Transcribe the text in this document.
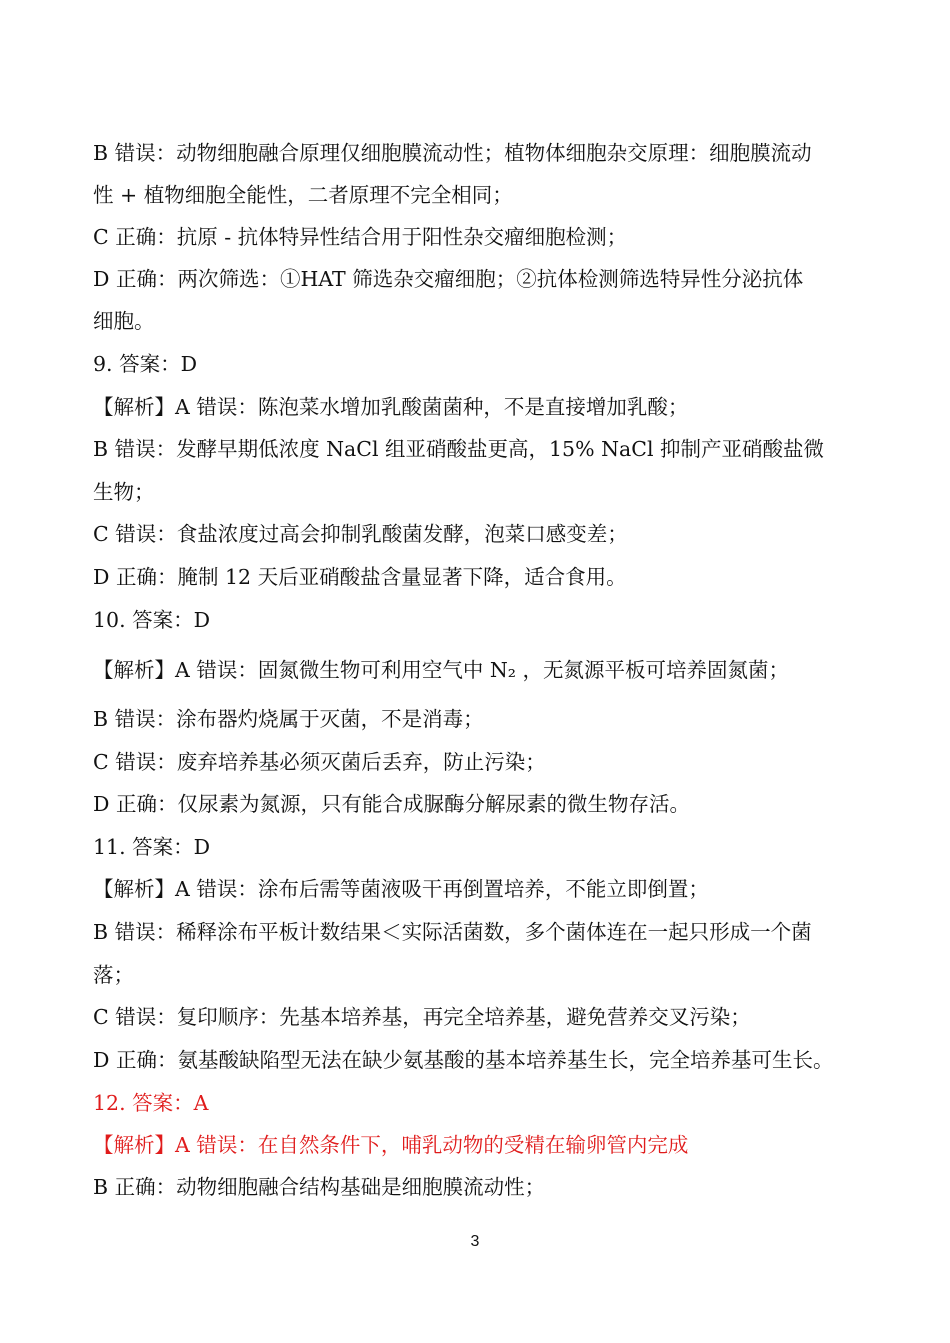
B 错误：动物细胞融合原理仅细胞膜流动性；植物体细胞杂交原理：细胞膜流动
性 + 植物细胞全能性，二者原理不完全相同；
C 正确：抗原 - 抗体特异性结合用于阳性杂交瘤细胞检测；
D 正确：两次筛选：①HAT 筛选杂交瘤细胞；②抗体检测筛选特异性分泌抗体
细胞。
9. 答案：D
【解析】A 错误：陈泡菜水增加乳酸菌菌种，不是直接增加乳酸；
B 错误：发酵早期低浓度 NaCl 组亚硝酸盐更高，15% NaCl 抑制产亚硝酸盐微
生物；
C 错误：食盐浓度过高会抑制乳酸菌发酵，泡菜口感变差；
D 正确：腌制 12 天后亚硝酸盐含量显著下降，适合食用。
10. 答案：D
【解析】A 错误：固氮微生物可利用空气中 N₂ ，无氮源平板可培养固氮菌；
B 错误：涂布器灼烧属于灭菌，不是消毒；
C 错误：废弃培养基必须灭菌后丢弃，防止污染；
D 正确：仅尿素为氮源，只有能合成脲酶分解尿素的微生物存活。
11. 答案：D
【解析】A 错误：涂布后需等菌液吸干再倒置培养，不能立即倒置；
B 错误：稀释涂布平板计数结果＜实际活菌数，多个菌体连在一起只形成一个菌
落；
C 错误：复印顺序：先基本培养基，再完全培养基，避免营养交叉污染；
D 正确：氨基酸缺陷型无法在缺少氨基酸的基本培养基生长，完全培养基可生长。
12. 答案：A
【解析】A 错误：在自然条件下，哺乳动物的受精在输卵管内完成
B 正确：动物细胞融合结构基础是细胞膜流动性；
3
